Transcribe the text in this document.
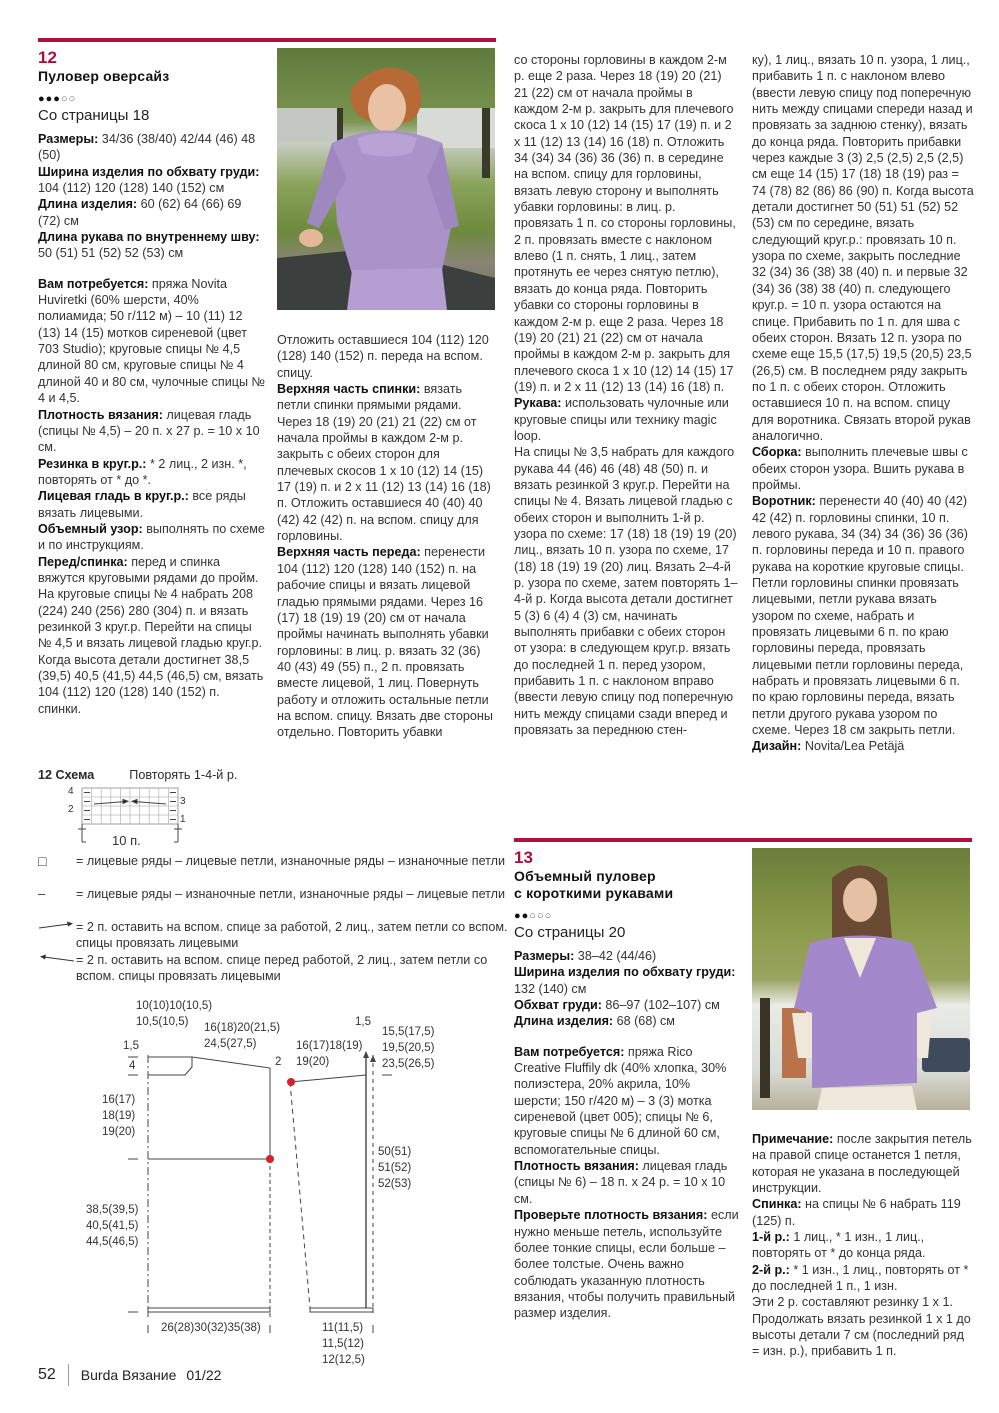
12
Пуловер оверсайз
●●●○○
Со страницы 18

Размеры: 34/36 (38/40) 42/44 (46) 48 (50)

Ширина изделия по обхвату груди: 104 (112) 120 (128) 140 (152) см

Длина изделия: 60 (62) 64 (66) 69 (72) см

Длина рукава по внутреннему шву: 50 (51) 51 (52) 52 (53) см

Вам потребуется: пряжа Novita Huviretki (60% шерсти, 40% полиамида; 50 г/112 м) – 10 (11) 12 (13) 14 (15) мотков сиреневой (цвет 703 Studio); круговые спицы № 4,5 длиной 80 см, круговые спицы № 4 длиной 40 и 80 см, чулочные спицы № 4 и 4,5.

Плотность вязания: лицевая гладь (спицы № 4,5) – 20 п. х 27 р. = 10 х 10 см.

Резинка в круг.р.: * 2 лиц., 2 изн. *, повторять от * до *.

Лицевая гладь в круг.р.: все ряды вязать лицевыми.

Объемный узор: выполнять по схеме и по инструкциям.

Перед/спинка: перед и спинка вяжутся круговыми рядами до пройм. На круговые спицы № 4 набрать 208 (224) 240 (256) 280 (304) п. и вязать резинкой 3 круг.р. Перейти на спицы № 4,5 и вязать лицевой гладью круг.р. Когда высота детали достигнет 38,5 (39,5) 40,5 (41,5) 44,5 (46,5) см, вязать 104 (112) 120 (128) 140 (152) п. спинки.

Отложить оставшиеся 104 (112) 120 (128) 140 (152) п. переда на вспом. спицу.

Верхняя часть спинки: вязать петли спинки прямыми рядами. Через 18 (19) 20 (21) 21 (22) см от начала проймы в каждом 2-м р. закрыть с обеих сторон для плечевых скосов 1 х 10 (12) 14 (15) 17 (19) п. и 2 х 11 (12) 13 (14) 16 (18) п. Отложить оставшиеся 40 (40) 40 (42) 42 (42) п. на вспом. спицу для горловины.

Верхняя часть переда: перенести 104 (112) 120 (128) 140 (152) п. на рабочие спицы и вязать лицевой гладью прямыми рядами. Через 16 (17) 18 (19) 19 (20) см от начала проймы начинать выполнять убавки горловины: в лиц. р. вязать 32 (36) 40 (43) 49 (55) п., 2 п. провязать вместе лицевой, 1 лиц. Повернуть работу и отложить остальные петли на вспом. спицу. Вязать две стороны отдельно. Повторить убавки

со стороны горловины в каждом 2-м р. еще 2 раза. Через 18 (19) 20 (21) 21 (22) см от начала проймы в каждом 2-м р. закрыть для плечевого скоса 1 х 10 (12) 14 (15) 17 (19) п. и 2 х 11 (12) 13 (14) 16 (18) п. Отложить 34 (34) 34 (36) 36 (36) п. в середине на вспом. спицу для горловины, вязать левую сторону и выполнять убавки горловины: в лиц. р. провязать 1 п. со стороны горловины, 2 п. провязать вместе с наклоном влево (1 п. снять, 1 лиц., затем протянуть ее через снятую петлю), вязать до конца ряда. Повторить убавки со стороны горловины в каждом 2-м р. еще 2 раза. Через 18 (19) 20 (21) 21 (22) см от начала проймы в каждом 2-м р. закрыть для плечевого скоса 1 х 10 (12) 14 (15) 17 (19) п. и 2 х 11 (12) 13 (14) 16 (18) п.

Рукава: использовать чулочные или круговые спицы или технику magic loop.

На спицы № 3,5 набрать для каждого рукава 44 (46) 46 (48) 48 (50) п. и вязать резинкой 3 круг.р. Перейти на спицы № 4. Вязать лицевой гладью с обеих сторон и выполнить 1-й р. узора по схеме: 17 (18) 18 (19) 19 (20) лиц., вязать 10 п. узора по схеме, 17 (18) 18 (19) 19 (20) лиц. Вязать 2–4-й р. узора по схеме, затем повторять 1–4-й р. Когда высота детали достигнет 5 (3) 6 (4) 4 (3) см, начинать выполнять прибавки с обеих сторон от узора: в следующем круг.р. вязать до последней 1 п. перед узором, прибавить 1 п. с наклоном вправо (ввести левую спицу под поперечную нить между спицами сзади вперед и провязать за переднюю стен-

ку), 1 лиц., вязать 10 п. узора, 1 лиц., прибавить 1 п. с наклоном влево (ввести левую спицу под поперечную нить между спицами спереди назад и провязать за заднюю стенку), вязать до конца ряда. Повторить прибавки через каждые 3 (3) 2,5 (2,5) 2,5 (2,5) см еще 14 (15) 17 (18) 18 (19) раз = 74 (78) 82 (86) 86 (90) п. Когда высота детали достигнет 50 (51) 51 (52) 52 (53) см по середине, вязать следующий круг.р.: провязать 10 п. узора по схеме, закрыть последние 32 (34) 36 (38) 38 (40) п. и первые 32 (34) 36 (38) 38 (40) п. следующего круг.р. = 10 п. узора остаются на спице. Прибавить по 1 п. для шва с обеих сторон. Вязать 12 п. узора по схеме еще 15,5 (17,5) 19,5 (20,5) 23,5 (26,5) см. В последнем ряду закрыть по 1 п. с обеих сторон. Отложить оставшиеся 10 п. на вспом. спицу для воротника. Связать второй рукав аналогично.

Сборка: выполнить плечевые швы с обеих сторон узора. Вшить рукава в проймы.

Воротник: перенести 40 (40) 40 (42) 42 (42) п. горловины спинки, 10 п. левого рукава, 34 (34) 34 (36) 36 (36) п. горловины переда и 10 п. правого рукава на короткие круговые спицы. Петли горловины спинки провязать лицевыми, петли рукава вязать узором по схеме, набрать и провязать лицевыми 6 п. по краю горловины переда, провязать лицевыми петли горловины переда, набрать и провязать лицевыми 6 п. по краю горловины переда, вязать петли другого рукава узором по схеме. Через 18 см закрыть петли.

Дизайн: Novita/Lea Petäjä

12 Схема	Повторять 1-4-й р.
4
2
3
1
10 п.
□	= лицевые ряды – лицевые петли, изнаночные ряды – изнаночные петли
–	= лицевые ряды – изнаночные петли, изнаночные ряды – лицевые петли
= 2 п. оставить на вспом. спице за работой, 2 лиц., затем петли со вспом. спицы провязать лицевыми
= 2 п. оставить на вспом. спице перед работой, 2 лиц., затем петли со вспом. спицы провязать лицевыми
10(10)10(10,5)
10,5(10,5) 16(18)20(21,5)
24,5(27,5)
1,5
4
16(17)
18(19)
19(20)
2
16(17)18(19)
19(20)
1,5
15,5(17,5)
19,5(20,5)
23,5(26,5)
50(51)
51(52)
52(53)
38,5(39,5)
40,5(41,5)
44,5(46,5)
26(28)30(32)35(38)	11(11,5)
11,5(12)
12(12,5)
13
Объемный пуловер
с короткими рукавами
●●○○○
Со страницы 20

Размеры: 38–42 (44/46)

Ширина изделия по обхвату груди: 132 (140) см

Обхват груди: 86–97 (102–107) см

Длина изделия: 68 (68) см

Вам потребуется: пряжа Rico Creative Fluffily dk (40% хлопка, 30% полиэстера, 20% акрила, 10% шерсти; 150 г/420 м) – 3 (3) мотка сиреневой (цвет 005); спицы № 6, круговые спицы № 6 длиной 60 см, вспомогательные спицы.

Плотность вязания: лицевая гладь (спицы № 6) – 18 п. х 24 р. = 10 х 10 см.

Проверьте плотность вязания: если нужно меньше петель, используйте более тонкие спицы, если больше – более толстые. Очень важно соблюдать указанную плотность вязания, чтобы получить правильный размер изделия.

Примечание: после закрытия петель на правой спице останется 1 петля, которая не указана в последующей инструкции.

Спинка: на спицы № 6 набрать 119 (125) п.

1-й р.: 1 лиц., * 1 изн., 1 лиц., повторять от * до конца ряда.

2-й р.: * 1 изн., 1 лиц., повторять от * до последней 1 п., 1 изн.

Эти 2 р. составляют резинку 1 х 1. Продолжать вязать резинкой 1 х 1 до высоты детали 7 см (последний ряд = изн. р.), прибавить 1 п.

52 Burda Вязание 01/22
